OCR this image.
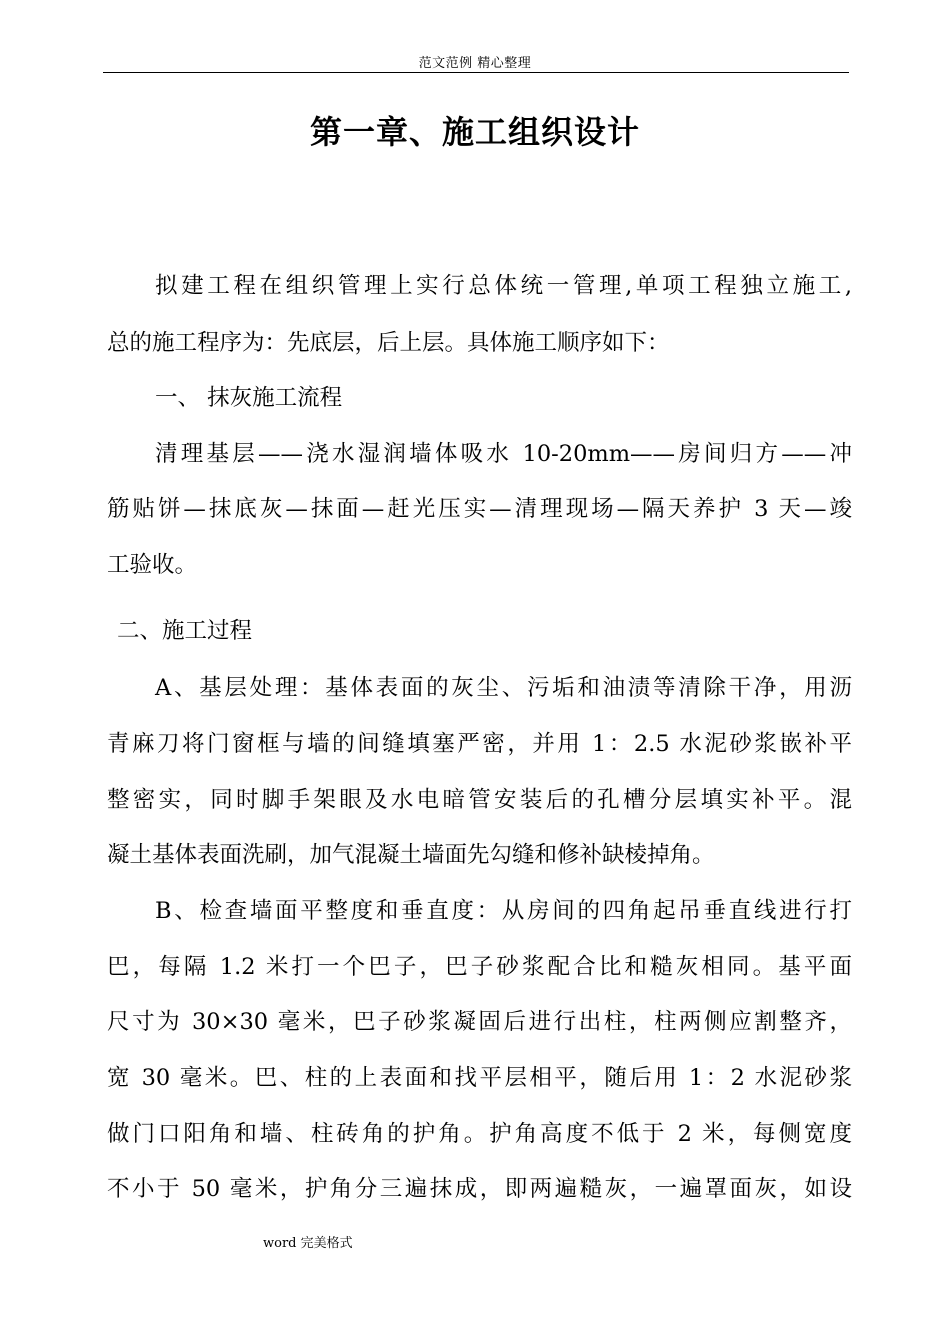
范文范例 精心整理
第一章、施工组织设计
拟建工程在组织管理上实行总体统一管理,单项工程独立施工,
总的施工程序为：先底层，后上层。具体施工顺序如下：
一、 抹灰施工流程
清理基层——浇水湿润墙体吸水 10-20mm——房间归方——冲
筋贴饼—抹底灰—抹面—赶光压实—清理现场—隔天养护 3 天—竣
工验收。
二、施工过程
A、基层处理：基体表面的灰尘、污垢和油渍等清除干净，用沥
青麻刀将门窗框与墙的间缝填塞严密，并用 1：2.5 水泥砂浆嵌补平
整密实，同时脚手架眼及水电暗管安装后的孔槽分层填实补平。混
凝土基体表面洗刷，加气混凝土墙面先勾缝和修补缺棱掉角。
B、检查墙面平整度和垂直度：从房间的四角起吊垂直线进行打
巴，每隔 1.2 米打一个巴子，巴子砂浆配合比和糙灰相同。基平面
尺寸为 30×30 毫米，巴子砂浆凝固后进行出柱，柱两侧应割整齐，
宽 30 毫米。巴、柱的上表面和找平层相平，随后用 1：2 水泥砂浆
做门口阳角和墙、柱砖角的护角。护角高度不低于 2 米，每侧宽度
不小于 50 毫米，护角分三遍抹成，即两遍糙灰，一遍罩面灰，如设
word 完美格式
